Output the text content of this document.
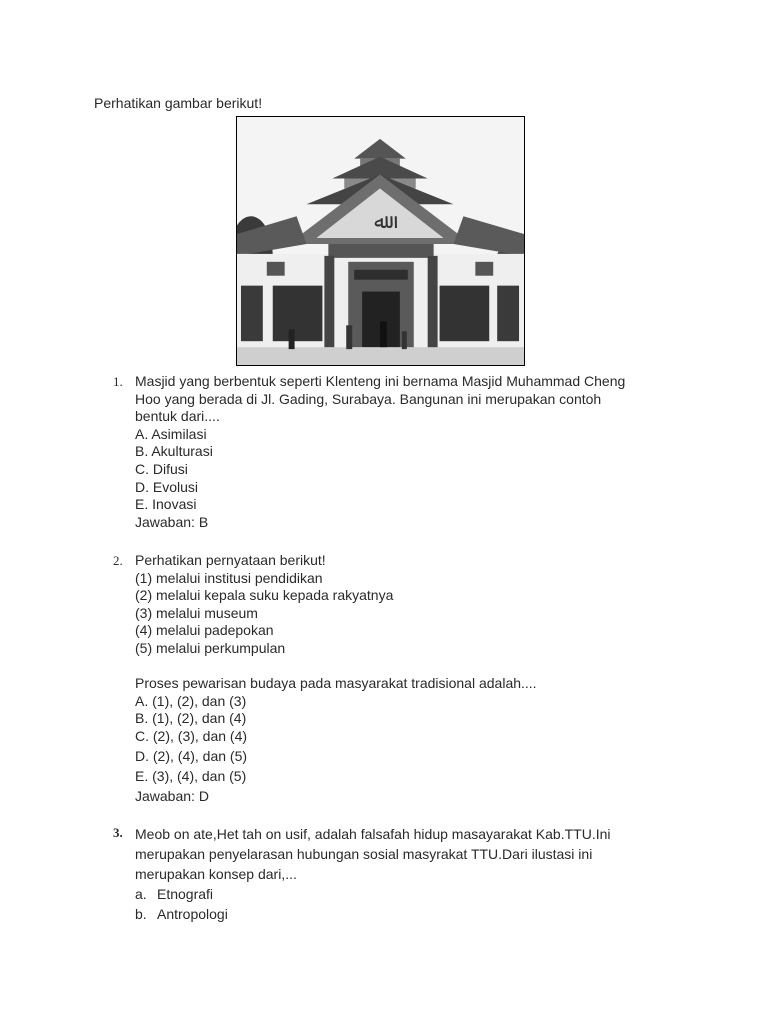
Perhatikan gambar berikut!
ﷲ
1. Masjid yang berbentuk seperti Klenteng ini bernama Masjid Muhammad Cheng
Hoo yang berada di Jl. Gading, Surabaya. Bangunan ini merupakan contoh
bentuk dari....
A. Asimilasi
B. Akulturasi
C. Difusi
D. Evolusi
E. Inovasi
Jawaban: B
2. Perhatikan pernyataan berikut!
(1) melalui institusi pendidikan
(2) melalui kepala suku kepada rakyatnya
(3) melalui museum
(4) melalui padepokan
(5) melalui perkumpulan
Proses pewarisan budaya pada masyarakat tradisional adalah....
A. (1), (2), dan (3)
B. (1), (2), dan (4)
C. (2), (3), dan (4)
D. (2), (4), dan (5)
E. (3), (4), dan (5)
Jawaban: D
3. Meob on ate,Het tah on usif, adalah falsafah hidup masayarakat Kab.TTU.Ini
merupakan penyelarasan hubungan sosial masyrakat TTU.Dari ilustasi ini
merupakan konsep dari,...
a. Etnografi
b. Antropologi
